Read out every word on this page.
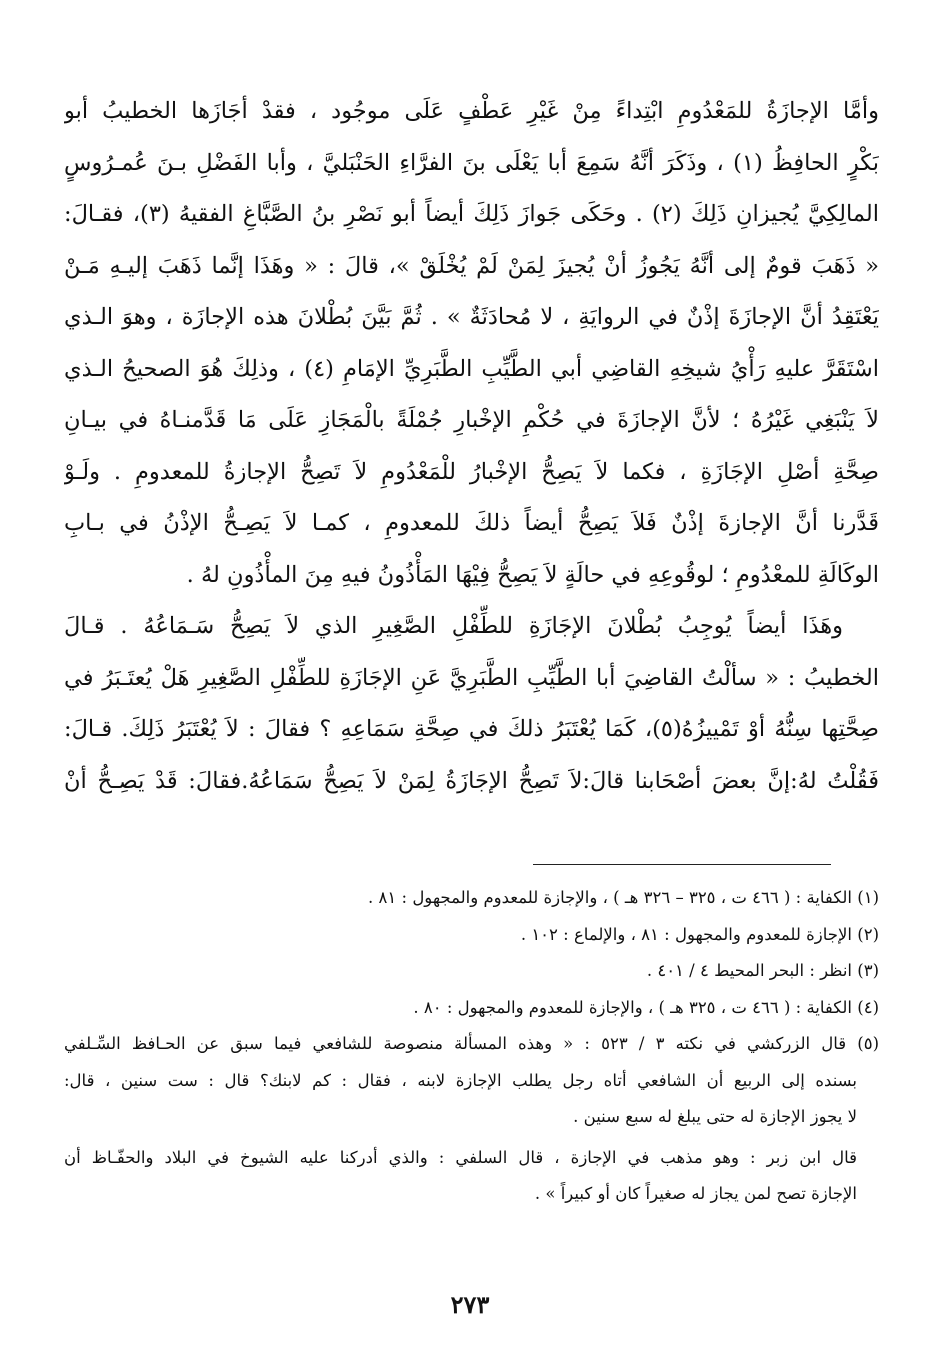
وأمَّا الإجازَةُ للمَعْدُومِ ابْتِداءً مِنْ غَيْرِ عَطْفٍ عَلَى موجُود ، فقدْ أجَازَها الخطيبُ أبو
بَكْرٍ الحافِظُ (١) ، وذَكَرَ أنَّهُ سَمِعَ أبا يَعْلَى بنَ الفرَّاءِ الحَنْبَليَّ ، وأبا الفَضْلِ بـنَ عُمـرُوسٍ
المالِكِيَّ يُجيزانِ ذَلِكَ (٢) . وحَكَى جَوازَ ذَلِكَ أيضاً أبو نَصْرِ بنُ الصَّبَّاغِ الفقيهُ (٣)، فقـالَ:
« ذَهَبَ قومٌ إلى أنَّهُ يَجُوزُ أنْ يُجيزَ لِمَنْ لَمْ يُخْلَقْ »، قالَ : « وهَذَا إنَّما ذَهَبَ إليـهِ مَـنْ
يَعْتَقِدُ أنَّ الإجازَةَ إذْنٌ في الروايَةِ ، لا مُحادَثَةٌ » . ثُمَّ بَيَّنَ بُطْلانَ هذه الإجازَة ، وهوَ الـذي
اسْتَقَرَّ عليهِ رَأْيُ شيخِهِ القاضِي أبي الطَّيِّبِ الطَّبَرِيِّ الإمَامِ (٤) ، وذلِكَ هُوَ الصحيحُ الـذي
لاَ يَنْبَغِي غَيْرُهُ ؛ لأنَّ الإجازَةَ في حُكْمِ الإخْبارِ جُمْلَةً بالْمَجَازِ عَلَى مَا قَدَّمنـاهُ في بيـانِ
صِحَّةِ أصْلِ الإجَازَةِ ، فكما لاَ يَصِحُّ الإخْبارُ للْمَعْدُومِ لاَ تَصِحُّ الإجازةُ للمعدومِ . ولَـوْ
قَدَّرنا أنَّ الإجازةَ إذْنٌ فَلاَ يَصِحُّ أيضاً ذلكَ للمعدومِ ، كمـا لاَ يَصِـحُّ الإذْنُ في بـابِ
الوكَالَةِ للمعْدُومِ ؛ لوقُوعِهِ في حالَةٍ لاَ يَصِحُّ فِيْهَا المَأْذُونُ فيهِ مِنَ المأْذُونِ لهُ .
وهَذَا أيضاً يُوجِبُ بُطْلانَ الإجَازَةِ للطِّفْلِ الصَّغِيرِ الذي لاَ يَصِحُّ سَـمَاعُهُ . قـالَ
الخطيبُ : « سألْتُ القاضِيَ أبا الطَّيِّبِ الطَّبَرِيَّ عَنِ الإجَازَةِ للطِّفْلِ الصَّغِيرِ هَلْ يُعتَـبَرُ في
صِحَّتِها سِنُّهُ أوْ تَمْييزُهُ(٥)، كَمَا يُعْتَبَرُ ذلكَ في صِحَّةِ سَمَاعِهِ ؟ فقالَ : لاَ يُعْتَبَرُ ذَلِكَ. قـالَ:
فَقُلْتُ لهُ:إنَّ بعضَ أصْحَابنا قالَ:لاَ تَصِحُّ الإجَازَةُ لِمَنْ لاَ يَصِحُّ سَمَاعُهُ.فقالَ: قَدْ يَصِـحُّ أنْ
(١) الكفاية : ( ٤٦٦ ت ، ٣٢٥ – ٣٢٦ هـ ) ، والإجازة للمعدوم والمجهول : ٨١ .
(٢) الإجازة للمعدوم والمجهول : ٨١ ، والإلماع : ١٠٢ .
(٣) انظر : البحر المحيط ٤ / ٤٠١ .
(٤) الكفاية : ( ٤٦٦ ت ، ٣٢٥ هـ ) ، والإجازة للمعدوم والمجهول : ٨٠ .
(٥) قال الزركشي في نكته ٣ / ٥٢٣ : « وهذه المسألة منصوصة للشافعي فيما سبق عن الحـافظ السِّـلفي
بسنده إلى الربيع أن الشافعي أتاه رجل يطلب الإجازة لابنه ، فقال : كم لابنك؟ قال : ست سنين ، قال:
لا يجوز الإجازة له حتى يبلغ له سبع سنين .
قال ابن زبر : وهو مذهب في الإجازة ، قال السلفي : والذي أدركنا عليه الشيوخ في البلاد والحفّـاظ أن
الإجازة تصح لمن يجاز له صغيراً كان أو كبيراً » .
٢٧٣
